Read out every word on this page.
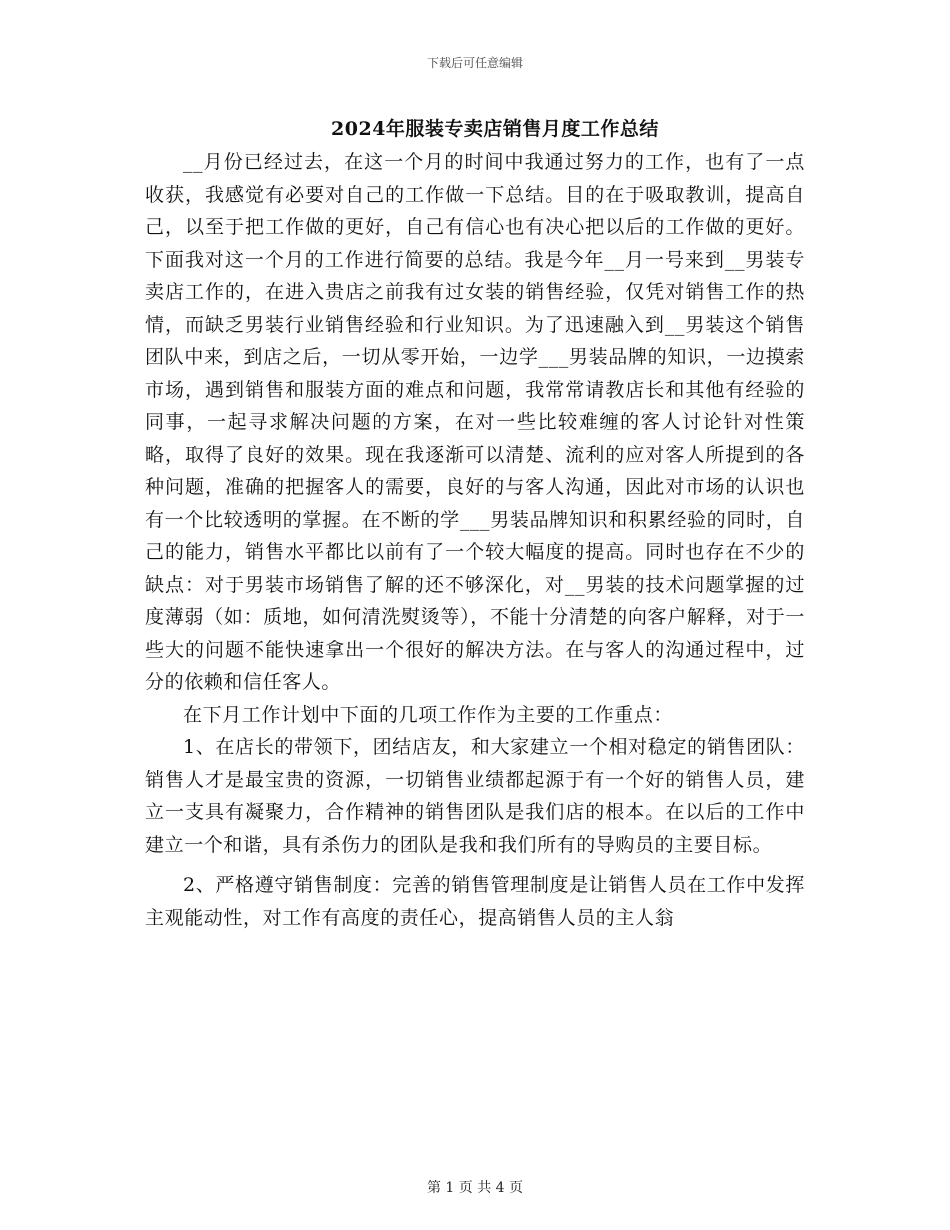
下载后可任意编辑
2024年服装专卖店销售月度工作总结

__月份已经过去，在这一个月的时间中我通过努力的工作，也有了一点收获，我感觉有必要对自己的工作做一下总结。目的在于吸取教训，提高自己，以至于把工作做的更好，自己有信心也有决心把以后的工作做的更好。下面我对这一个月的工作进行简要的总结。我是今年__月一号来到__男装专卖店工作的，在进入贵店之前我有过女装的销售经验，仅凭对销售工作的热情，而缺乏男装行业销售经验和行业知识。为了迅速融入到__男装这个销售团队中来，到店之后，一切从零开始，一边学___男装品牌的知识，一边摸索市场，遇到销售和服装方面的难点和问题，我常常请教店长和其他有经验的同事，一起寻求解决问题的方案，在对一些比较难缠的客人讨论针对性策略，取得了良好的效果。现在我逐渐可以清楚、流利的应对客人所提到的各种问题，准确的把握客人的需要，良好的与客人沟通，因此对市场的认识也有一个比较透明的掌握。在不断的学___男装品牌知识和积累经验的同时，自己的能力，销售水平都比以前有了一个较大幅度的提高。同时也存在不少的缺点：对于男装市场销售了解的还不够深化，对__男装的技术问题掌握的过度薄弱（如：质地，如何清洗熨烫等），不能十分清楚的向客户解释，对于一些大的问题不能快速拿出一个很好的解决方法。在与客人的沟通过程中，过分的依赖和信任客人。

在下月工作计划中下面的几项工作作为主要的工作重点：

1、在店长的带领下，团结店友，和大家建立一个相对稳定的销售团队：销售人才是最宝贵的资源，一切销售业绩都起源于有一个好的销售人员，建立一支具有凝聚力，合作精神的销售团队是我们店的根本。在以后的工作中建立一个和谐，具有杀伤力的团队是我和我们所有的导购员的主要目标。

2、严格遵守销售制度：完善的销售管理制度是让销售人员在工作中发挥主观能动性，对工作有高度的责任心，提高销售人员的主人翁

第 1 页 共 4 页
